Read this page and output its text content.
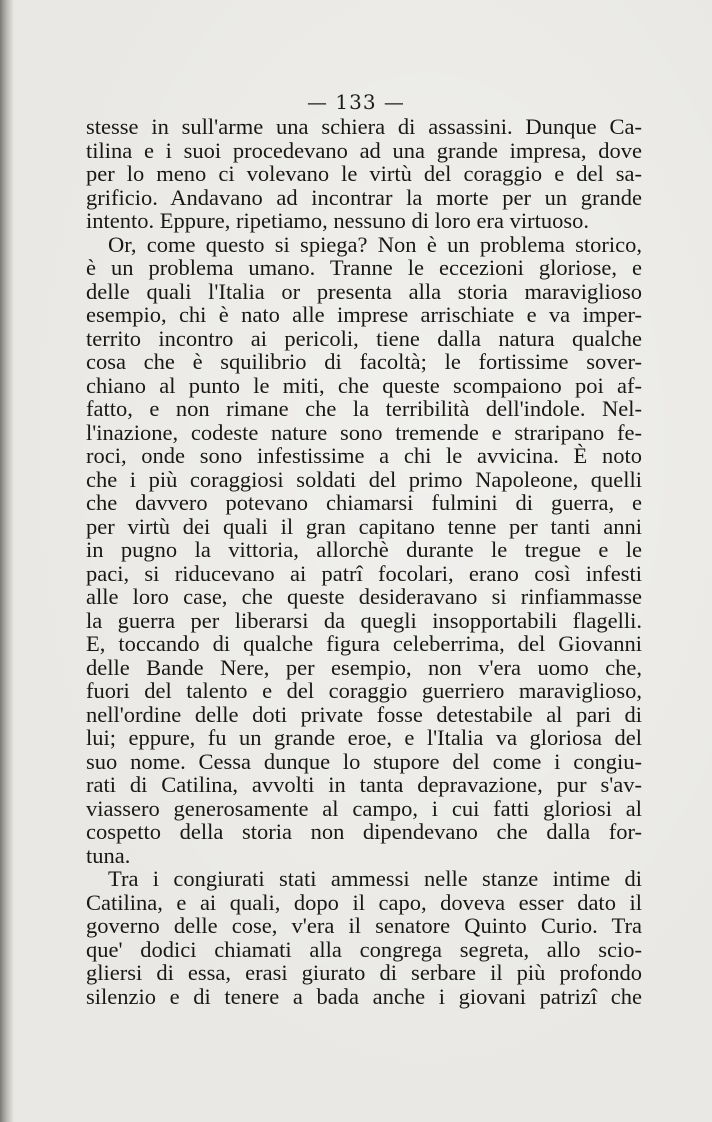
— 133 —
stesse in sull'arme una schiera di assassini. Dunque Ca-
tilina e i suoi procedevano ad una grande impresa, dove
per lo meno ci volevano le virtù del coraggio e del sa-
grificio. Andavano ad incontrar la morte per un grande
intento. Eppure, ripetiamo, nessuno di loro era virtuoso.
Or, come questo si spiega? Non è un problema storico,
è un problema umano. Tranne le eccezioni gloriose, e
delle quali l'Italia or presenta alla storia maraviglioso
esempio, chi è nato alle imprese arrischiate e va imper-
territo incontro ai pericoli, tiene dalla natura qualche
cosa che è squilibrio di facoltà; le fortissime sover-
chiano al punto le miti, che queste scompaiono poi af-
fatto, e non rimane che la terribilità dell'indole. Nel-
l'inazione, codeste nature sono tremende e straripano fe-
roci, onde sono infestissime a chi le avvicina. È noto
che i più coraggiosi soldati del primo Napoleone, quelli
che davvero potevano chiamarsi fulmini di guerra, e
per virtù dei quali il gran capitano tenne per tanti anni
in pugno la vittoria, allorchè durante le tregue e le
paci, si riducevano ai patrî focolari, erano così infesti
alle loro case, che queste desideravano si rinfiammasse
la guerra per liberarsi da quegli insopportabili flagelli.
E, toccando di qualche figura celeberrima, del Giovanni
delle Bande Nere, per esempio, non v'era uomo che,
fuori del talento e del coraggio guerriero maraviglioso,
nell'ordine delle doti private fosse detestabile al pari di
lui; eppure, fu un grande eroe, e l'Italia va gloriosa del
suo nome. Cessa dunque lo stupore del come i congiu-
rati di Catilina, avvolti in tanta depravazione, pur s'av-
viassero generosamente al campo, i cui fatti gloriosi al
cospetto della storia non dipendevano che dalla for-
tuna.
Tra i congiurati stati ammessi nelle stanze intime di
Catilina, e ai quali, dopo il capo, doveva esser dato il
governo delle cose, v'era il senatore Quinto Curio. Tra
que' dodici chiamati alla congrega segreta, allo scio-
gliersi di essa, erasi giurato di serbare il più profondo
silenzio e di tenere a bada anche i giovani patrizî che
